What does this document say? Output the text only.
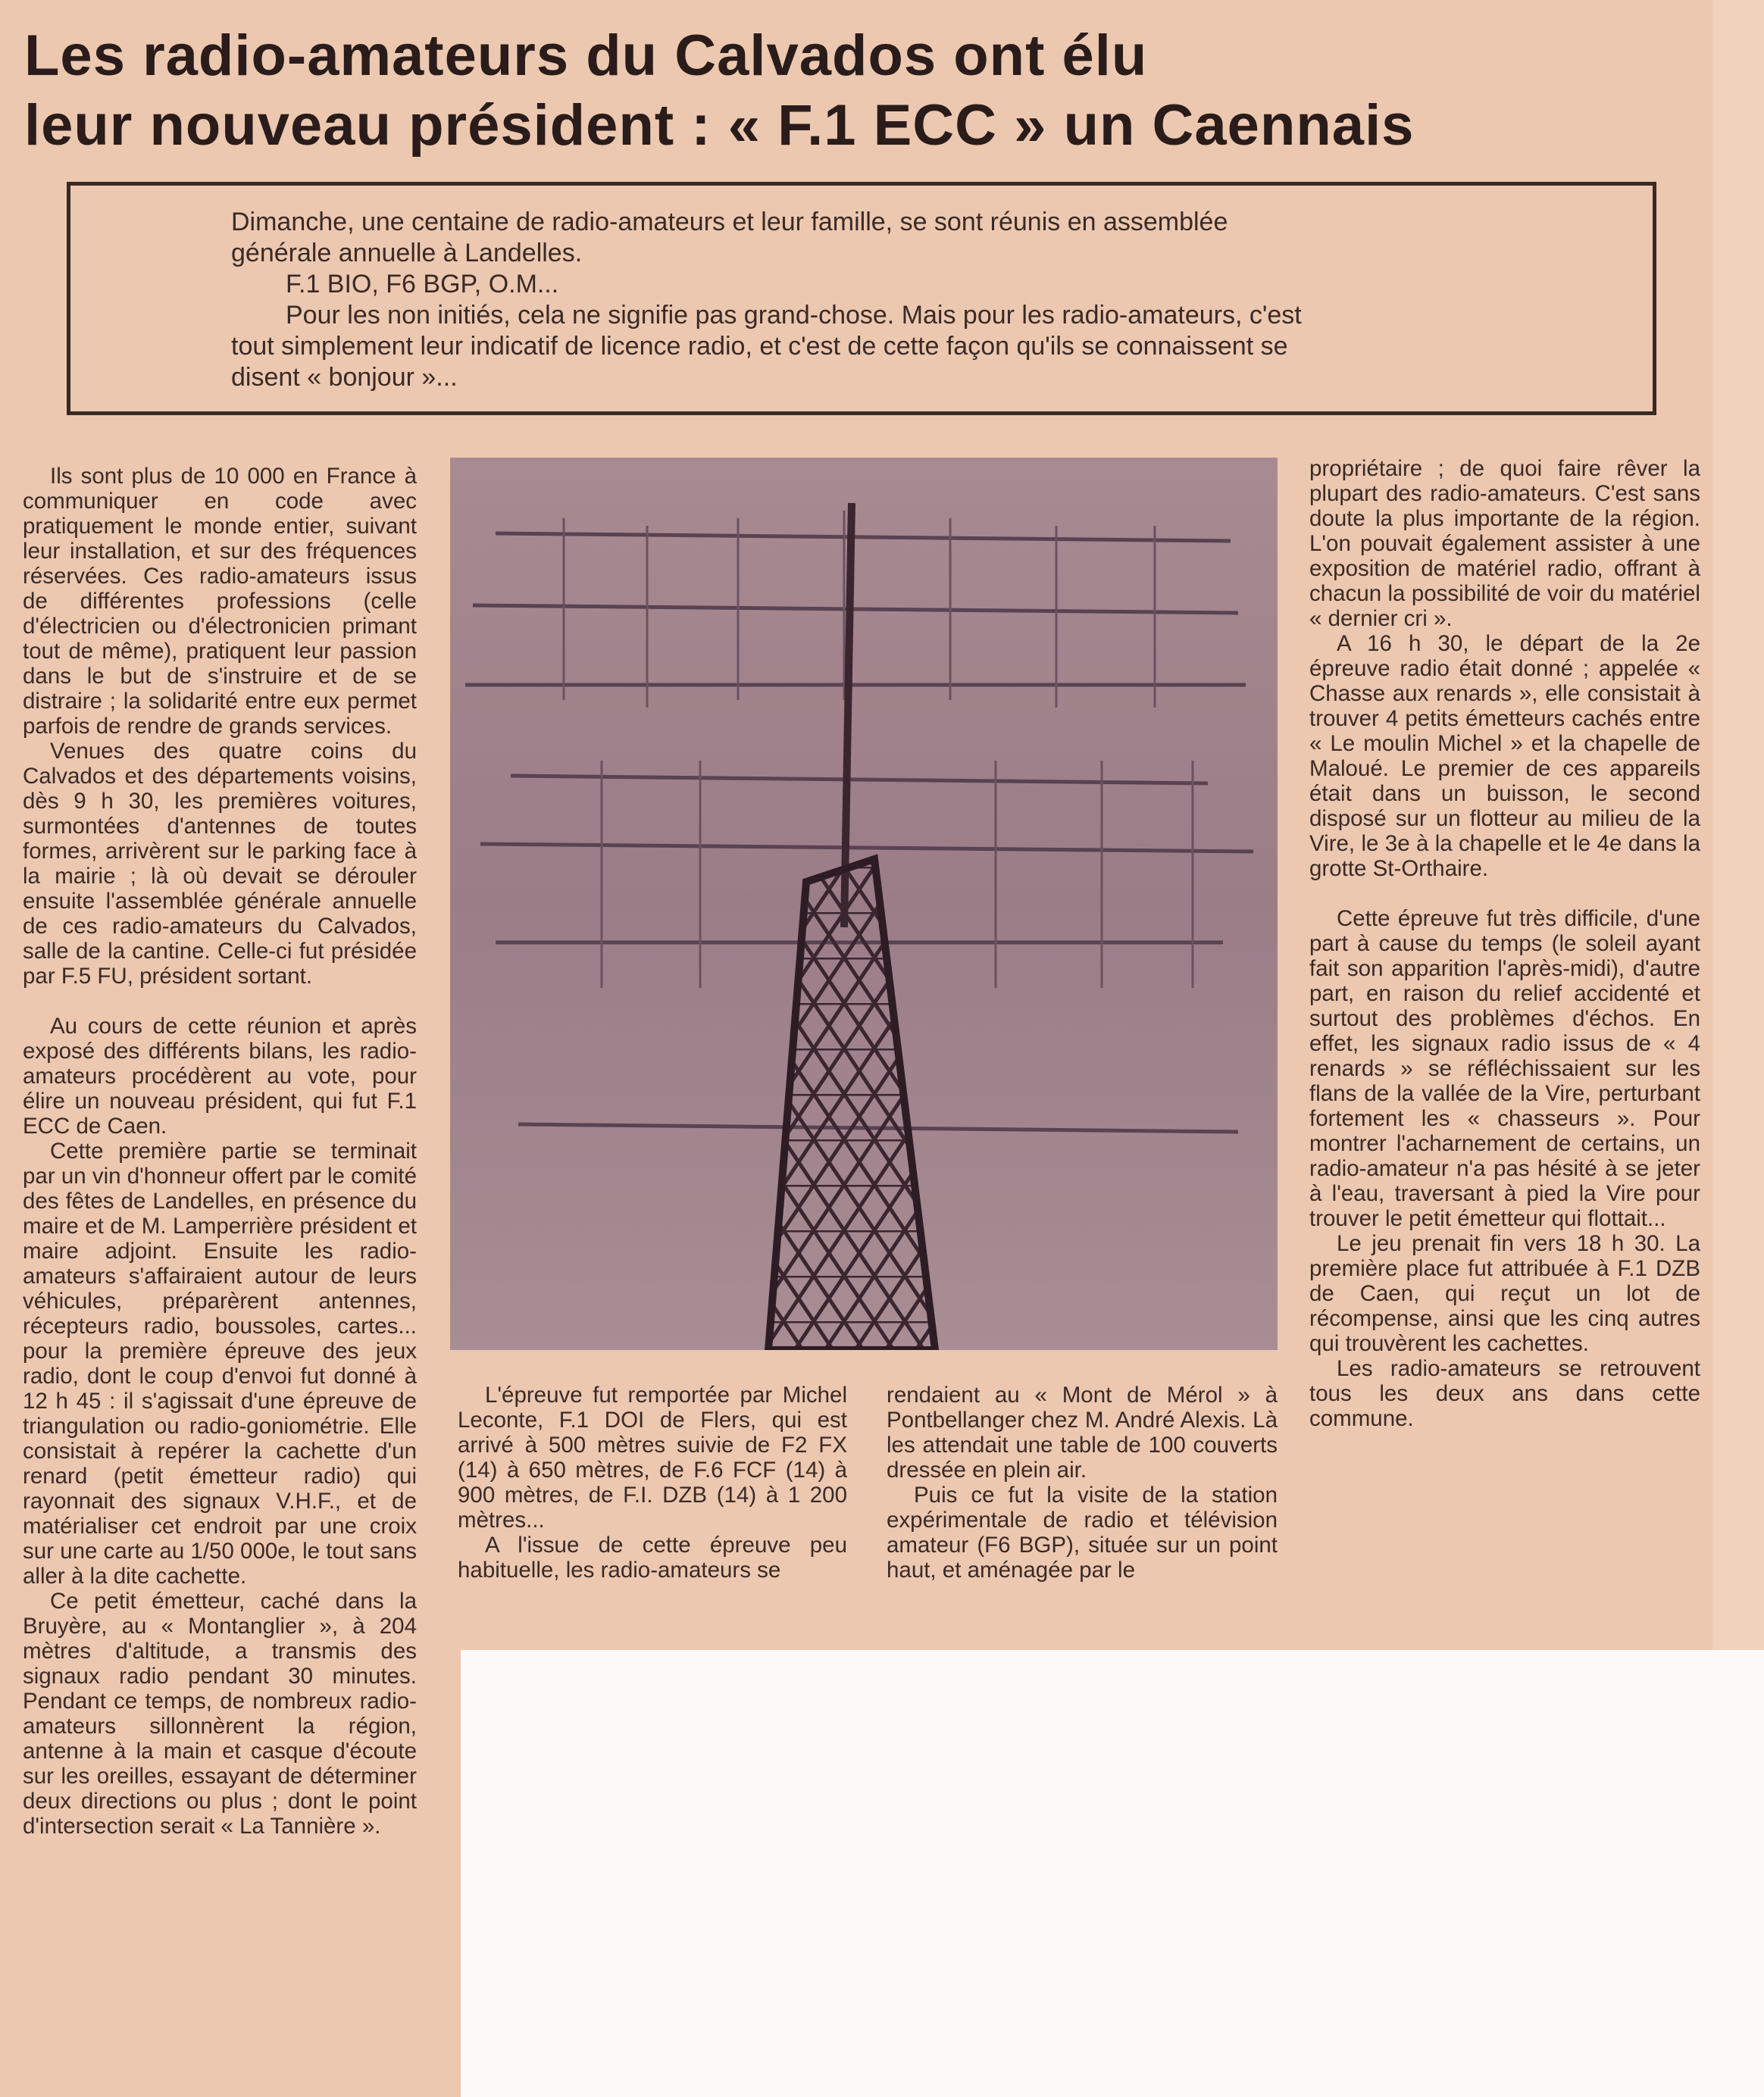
Les radio-amateurs du Calvados ont élu
leur nouveau président : « F.1 ECC » un Caennais

Dimanche, une centaine de radio-amateurs et leur famille, se sont réunis en assemblée

générale annuelle à Landelles.

F.1 BIO, F6 BGP, O.M...

Pour les non initiés, cela ne signifie pas grand-chose. Mais pour les radio-amateurs, c'est

tout simplement leur indicatif de licence radio, et c'est de cette façon qu'ils se connaissent se

disent « bonjour »...

Ils sont plus de 10 000 en France à communiquer en code avec pratiquement le monde entier, suivant leur installation, et sur des fréquences réservées. Ces radio-amateurs issus de différentes professions (celle d'électricien ou d'électronicien primant tout de même), pratiquent leur passion dans le but de s'instruire et de se distraire ; la solidarité entre eux permet parfois de rendre de grands services.

Venues des quatre coins du Calvados et des départements voisins, dès 9 h 30, les premières voitures, surmontées d'antennes de toutes formes, arrivèrent sur le parking face à la mairie ; là où devait se dérouler ensuite l'assemblée générale annuelle de ces radio-amateurs du Calvados, salle de la cantine. Celle-ci fut présidée par F.5 FU, président sortant.

Au cours de cette réunion et après exposé des différents bilans, les radio-amateurs procédèrent au vote, pour élire un nouveau président, qui fut F.1 ECC de Caen.

Cette première partie se terminait par un vin d'honneur offert par le comité des fêtes de Landelles, en présence du maire et de M. Lamperrière président et maire adjoint. Ensuite les radio-amateurs s'affairaient autour de leurs véhicules, préparèrent antennes, récepteurs radio, boussoles, cartes... pour la première épreuve des jeux radio, dont le coup d'envoi fut donné à 12 h 45 : il s'agissait d'une épreuve de triangulation ou radio-goniométrie. Elle consistait à repérer la cachette d'un renard (petit émetteur radio) qui rayonnait des signaux V.H.F., et de matérialiser cet endroit par une croix sur une carte au 1/50 000e, le tout sans aller à la dite cachette.

Ce petit émetteur, caché dans la Bruyère, au « Montanglier », à 204 mètres d'altitude, a transmis des signaux radio pendant 30 minutes. Pendant ce temps, de nombreux radio-amateurs sillonnèrent la région, antenne à la main et casque d'écoute sur les oreilles, essayant de déterminer deux directions ou plus ; dont le point d'intersection serait « La Tannière ».

L'épreuve fut remportée par Michel Leconte, F.1 DOI de Flers, qui est arrivé à 500 mètres suivie de F2 FX (14) à 650 mètres, de F.6 FCF (14) à 900 mètres, de F.I. DZB (14) à 1 200 mètres...

A l'issue de cette épreuve peu habituelle, les radio-amateurs se

rendaient au « Mont de Mérol » à Pontbellanger chez M. André Alexis. Là les attendait une table de 100 couverts dressée en plein air.

Puis ce fut la visite de la station expérimentale de radio et télévision amateur (F6 BGP), située sur un point haut, et aménagée par le

propriétaire ; de quoi faire rêver la plupart des radio-amateurs. C'est sans doute la plus importante de la région. L'on pouvait également assister à une exposition de matériel radio, offrant à chacun la possibilité de voir du matériel « dernier cri ».

A 16 h 30, le départ de la 2e épreuve radio était donné ; appelée « Chasse aux renards », elle consistait à trouver 4 petits émetteurs cachés entre « Le moulin Michel » et la chapelle de Maloué. Le premier de ces appareils était dans un buisson, le second disposé sur un flotteur au milieu de la Vire, le 3e à la chapelle et le 4e dans la grotte St-Orthaire.

Cette épreuve fut très difficile, d'une part à cause du temps (le soleil ayant fait son apparition l'après-midi), d'autre part, en raison du relief accidenté et surtout des problèmes d'échos. En effet, les signaux radio issus de « 4 renards » se réfléchissaient sur les flans de la vallée de la Vire, perturbant fortement les « chasseurs ». Pour montrer l'acharnement de certains, un radio-amateur n'a pas hésité à se jeter à l'eau, traversant à pied la Vire pour trouver le petit émetteur qui flottait...

Le jeu prenait fin vers 18 h 30. La première place fut attribuée à F.1 DZB de Caen, qui reçut un lot de récompense, ainsi que les cinq autres qui trouvèrent les cachettes.

Les radio-amateurs se retrouvent tous les deux ans dans cette commune.
